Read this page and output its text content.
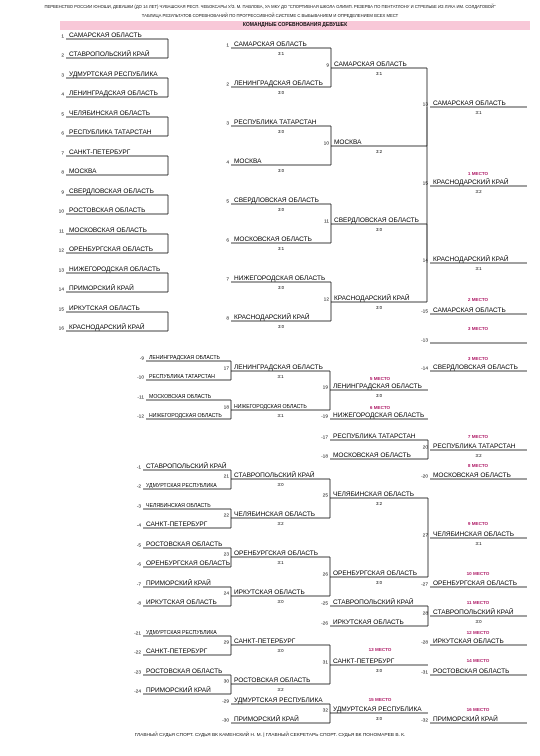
ПЕРВЕНСТВО РОССИИ ЮНОШИ, ДЕВУШКИ (ДО 14 ЛЕТ) ЧУВАШСКАЯ РЕСП. ЧЕБОКСАРЫ У/З. М. ПАВЛОВА, УА МКУ ДО "СПОРТИВНАЯ ШКОЛА ОЛИМП. РЕЗЕРВА ПО ПЕНТАТЛОНУ И СТРЕЛЬБЕ ИЗ ЛУКА ИМ. СОЛДАТОВОЙ"
ТАБЛИЦА РЕЗУЛЬТАТОВ СОРЕВНОВАНИЙ ПО ПРОГРЕССИВНОЙ СИСТЕМЕ С ВЫБЫВАНИЕМ И ОПРЕДЕЛЕНИЕМ ВСЕХ МЕСТ
КОМАНДНЫЕ СОРЕВНОВАНИЯ ДЕВУШЕК
ГЛАВНЫЙ СУДЬЯ СПОРТ. СУДЬЯ ВК КАМЕНСКИЙ Н. М. | ГЛАВНЫЙ СЕКРЕТАРЬ СПОРТ. СУДЬЯ ВК ПОНОМАРЕВ В. К.
1 САМАРСКАЯ ОБЛАСТЬ
2 СТАВРОПОЛЬСКИЙ КРАЙ
3 УДМУРТСКАЯ РЕСПУБЛИКА
4 ЛЕНИНГРАДСКАЯ ОБЛАСТЬ
5 ЧЕЛЯБИНСКАЯ ОБЛАСТЬ
6 РЕСПУБЛИКА ТАТАРСТАН
7 САНКТ-ПЕТЕРБУРГ
8 МОСКВА
9 СВЕРДЛОВСКАЯ ОБЛАСТЬ
10 РОСТОВСКАЯ ОБЛАСТЬ
11 МОСКОВСКАЯ ОБЛАСТЬ
12 ОРЕНБУРГСКАЯ ОБЛАСТЬ
13 НИЖЕГОРОДСКАЯ ОБЛАСТЬ
14 ПРИМОРСКИЙ КРАЙ
15 ИРКУТСКАЯ ОБЛАСТЬ
16 КРАСНОДАРСКИЙ КРАЙ
1 САМАРСКАЯ ОБЛАСТЬ
3:1
2 ЛЕНИНГРАДСКАЯ ОБЛАСТЬ
3:0
3 РЕСПУБЛИКА ТАТАРСТАН
3:0
4 МОСКВА
3:0
5 СВЕРДЛОВСКАЯ ОБЛАСТЬ
3:0
6 МОСКОВСКАЯ ОБЛАСТЬ
3:1
7 НИЖЕГОРОДСКАЯ ОБЛАСТЬ
3:0
8 КРАСНОДАРСКИЙ КРАЙ
3:0
9 САМАРСКАЯ ОБЛАСТЬ
3:1
10 МОСКВА
3:2
11 СВЕРДЛОВСКАЯ ОБЛАСТЬ
3:0
12 КРАСНОДАРСКИЙ КРАЙ
3:0
13 САМАРСКАЯ ОБЛАСТЬ
3:1
14 КРАСНОДАРСКИЙ КРАЙ
3:1
1 МЕСТО
15 КРАСНОДАРСКИЙ КРАЙ
3:2
2 МЕСТО
-15 САМАРСКАЯ ОБЛАСТЬ
3 МЕСТО
-13
-9 ЛЕНИНГРАДСКАЯ ОБЛАСТЬ
-10 РЕСПУБЛИКА ТАТАРСТАН
-11 МОСКОВСКАЯ ОБЛАСТЬ
-12 НИЖЕГОРОДСКАЯ ОБЛАСТЬ
17 ЛЕНИНГРАДСКАЯ ОБЛАСТЬ
3:1
18 НИЖЕГОРОДСКАЯ ОБЛАСТЬ
3:1
5 МЕСТО
19 ЛЕНИНГРАДСКАЯ ОБЛАСТЬ
3:0
6 МЕСТО
-19 НИЖЕГОРОДСКАЯ ОБЛАСТЬ
3 МЕСТО
-14 СВЕРДЛОВСКАЯ ОБЛАСТЬ
-17 РЕСПУБЛИКА ТАТАРСТАН
-18 МОСКОВСКАЯ ОБЛАСТЬ
7 МЕСТО
20 РЕСПУБЛИКА ТАТАРСТАН
3:2
8 МЕСТО
-20 МОСКОВСКАЯ ОБЛАСТЬ
-1 СТАВРОПОЛЬСКИЙ КРАЙ
-2 УДМУРТСКАЯ РЕСПУБЛИКА
-3 ЧЕЛЯБИНСКАЯ ОБЛАСТЬ
-4 САНКТ-ПЕТЕРБУРГ
-5 РОСТОВСКАЯ ОБЛАСТЬ
-6 ОРЕНБУРГСКАЯ ОБЛАСТЬ
-7 ПРИМОРСКИЙ КРАЙ
-8 ИРКУТСКАЯ ОБЛАСТЬ
21 СТАВРОПОЛЬСКИЙ КРАЙ
3:0
22 ЧЕЛЯБИНСКАЯ ОБЛАСТЬ
3:2
23 ОРЕНБУРГСКАЯ ОБЛАСТЬ
3:1
24 ИРКУТСКАЯ ОБЛАСТЬ
3:0
25 ЧЕЛЯБИНСКАЯ ОБЛАСТЬ
3:2
26 ОРЕНБУРГСКАЯ ОБЛАСТЬ
3:0
9 МЕСТО
27 ЧЕЛЯБИНСКАЯ ОБЛАСТЬ
3:1
10 МЕСТО
-27 ОРЕНБУРГСКАЯ ОБЛАСТЬ
-25 СТАВРОПОЛЬСКИЙ КРАЙ
-26 ИРКУТСКАЯ ОБЛАСТЬ
11 МЕСТО
28 СТАВРОПОЛЬСКИЙ КРАЙ
3:0
12 МЕСТО
-28 ИРКУТСКАЯ ОБЛАСТЬ
-21 УДМУРТСКАЯ РЕСПУБЛИКА
-22 САНКТ-ПЕТЕРБУРГ
-23 РОСТОВСКАЯ ОБЛАСТЬ
-24 ПРИМОРСКИЙ КРАЙ
29 САНКТ-ПЕТЕРБУРГ
3:0
30 РОСТОВСКАЯ ОБЛАСТЬ
3:2
13 МЕСТО
31 САНКТ-ПЕТЕРБУРГ
3:0
14 МЕСТО
-31 РОСТОВСКАЯ ОБЛАСТЬ
-29 УДМУРТСКАЯ РЕСПУБЛИКА
-30 ПРИМОРСКИЙ КРАЙ
15 МЕСТО
32 УДМУРТСКАЯ РЕСПУБЛИКА
3:0
16 МЕСТО
-32 ПРИМОРСКИЙ КРАЙ
